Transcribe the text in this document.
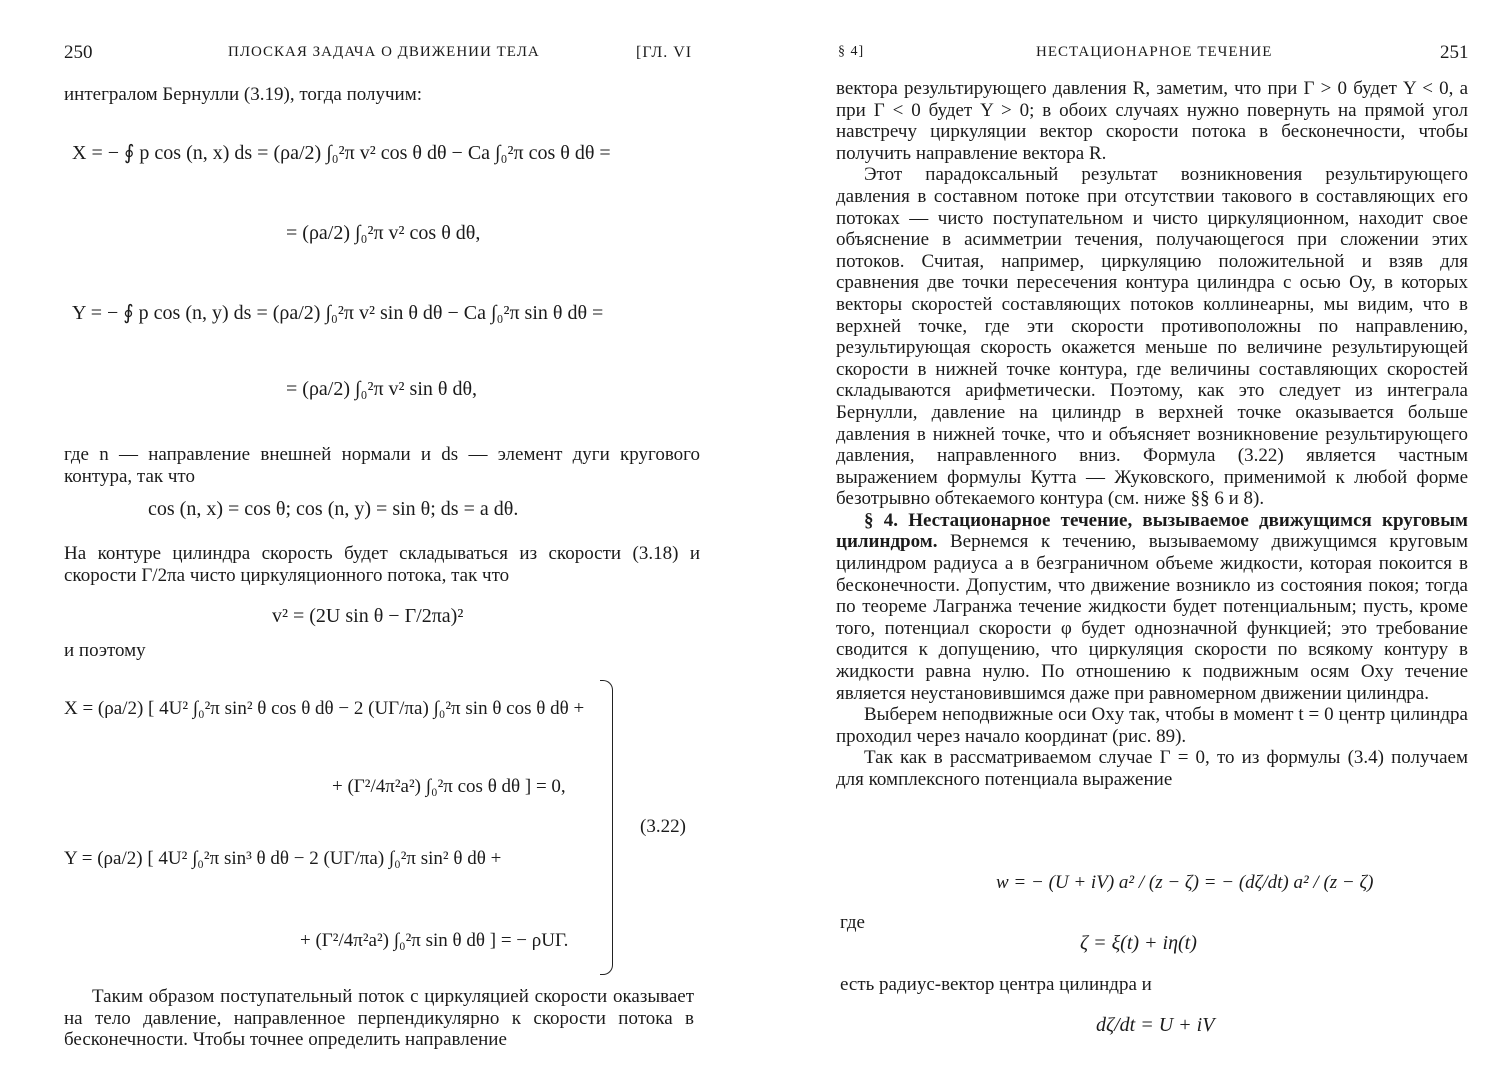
250	ПЛОСКАЯ ЗАДАЧА О ДВИЖЕНИИ ТЕЛА	[ГЛ. VI
интегралом Бернулли (3.19), тогда получим:
X = − ∮ p cos (n, x) ds = (ρa/2) ∫₀²π v² cos θ dθ − Ca ∫₀²π cos θ dθ =
= (ρa/2) ∫₀²π v² cos θ dθ,
Y = − ∮ p cos (n, y) ds = (ρa/2) ∫₀²π v² sin θ dθ − Ca ∫₀²π sin θ dθ =
= (ρa/2) ∫₀²π v² sin θ dθ,
где n — направление внешней нормали и ds — элемент дуги кругового контура, так что
cos (n, x) = cos θ; cos (n, y) = sin θ; ds = a dθ.
На контуре цилиндра скорость будет складываться из скорости (3.18) и скорости Γ/2πa чисто циркуляционного потока, так что
v² = (2U sin θ − Γ/2πa)²
и поэтому
X = (ρa/2) [ 4U² ∫₀²π sin² θ cos θ dθ − 2 (UΓ/πa) ∫₀²π sin θ cos θ dθ +
+ (Γ²/4π²a²) ∫₀²π cos θ dθ ] = 0,
Y = (ρa/2) [ 4U² ∫₀²π sin³ θ dθ − 2 (UΓ/πa) ∫₀²π sin² θ dθ +
+ (Γ²/4π²a²) ∫₀²π sin θ dθ ] = − ρUΓ.
(3.22)
Таким образом поступательный поток с циркуляцией скорости оказывает на тело давление, направленное перпендикулярно к скорости потока в бесконечности. Чтобы точнее определить направление
§ 4]	НЕСТАЦИОНАРНОЕ ТЕЧЕНИЕ	251

вектора результирующего давления R, заметим, что при Γ > 0 будет Y < 0, а при Γ < 0 будет Y > 0; в обоих случаях нужно повернуть на прямой угол навстречу циркуляции вектор скорости потока в бесконечности, чтобы получить направление вектора R.

Этот парадоксальный результат возникновения результирующего давления в составном потоке при отсутствии такового в составляющих его потоках — чисто поступательном и чисто циркуляционном, находит свое объяснение в асимметрии течения, получающегося при сложении этих потоков. Считая, например, циркуляцию положительной и взяв для сравнения две точки пересечения контура цилиндра с осью Oy, в которых векторы скоростей составляющих потоков коллинеарны, мы видим, что в верхней точке, где эти скорости противоположны по направлению, результирующая скорость окажется меньше по величине результирующей скорости в нижней точке контура, где величины составляющих скоростей складываются арифметически. Поэтому, как это следует из интеграла Бернулли, давление на цилиндр в верхней точке оказывается больше давления в нижней точке, что и объясняет возникновение результирующего давления, направленного вниз. Формула (3.22) является частным выражением формулы Кутта — Жуковского, применимой к любой форме безотрывно обтекаемого контура (см. ниже §§ 6 и 8).

§ 4. Нестационарное течение, вызываемое движущимся круговым цилиндром. Вернемся к течению, вызываемому движущимся круговым цилиндром радиуса a в безграничном объеме жидкости, которая покоится в бесконечности. Допустим, что движение возникло из состояния покоя; тогда по теореме Лагранжа течение жидкости будет потенциальным; пусть, кроме того, потенциал скорости φ будет однозначной функцией; это требование сводится к допущению, что циркуляция скорости по всякому контуру в жидкости равна нулю. По отношению к подвижным осям Oxy течение является неустановившимся даже при равномерном движении цилиндра.

Выберем неподвижные оси Oxy так, чтобы в момент t = 0 центр цилиндра проходил через начало координат (рис. 89).

Так как в рассматриваемом случае Γ = 0, то из формулы (3.4) получаем для комплексного потенциала выражение

w = − (U + iV) a² / (z − ζ) = − (dζ/dt) a² / (z − ζ)
где
ζ = ξ(t) + iη(t)
есть радиус-вектор центра цилиндра и
dζ/dt = U + iV
